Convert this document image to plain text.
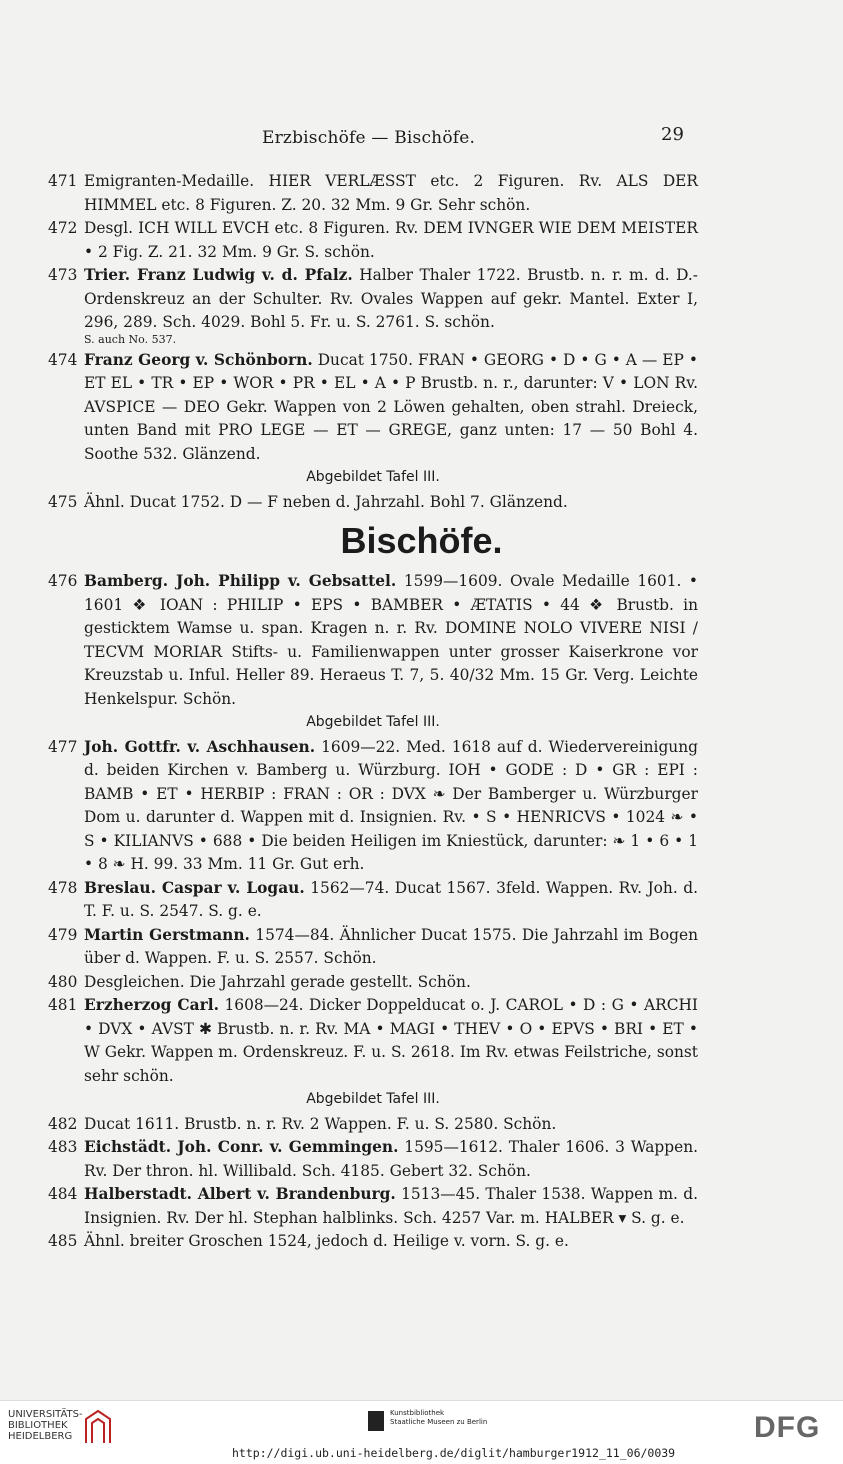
Erzbischöfe — Bischöfe.	29
471 Emigranten-Medaille. HIER VERLÆSST etc. 2 Figuren. Rv. ALS DER HIMMEL etc. 8 Figuren. Z. 20. 32 Mm. 9 Gr. Sehr schön.
472 Desgl. ICH WILL EVCH etc. 8 Figuren. Rv. DEM IVNGER WIE DEM MEISTER • 2 Fig. Z. 21. 32 Mm. 9 Gr. S. schön.
473 Trier. Franz Ludwig v. d. Pfalz. Halber Thaler 1722. Brustb. n. r. m. d. D.-Ordenskreuz an der Schulter. Rv. Ovales Wappen auf gekr. Mantel. Exter I, 296, 289. Sch. 4029. Bohl 5. Fr. u. S. 2761. S. schön.
S. auch No. 537.
474 Franz Georg v. Schönborn. Ducat 1750. FRAN • GEORG • D • G • A — EP • ET EL • TR • EP • WOR • PR • EL • A • P Brustb. n. r., darunter: V • LON Rv. AVSPICE — DEO Gekr. Wappen von 2 Löwen gehalten, oben strahl. Dreieck, unten Band mit PRO LEGE — ET — GREGE, ganz unten: 17 — 50 Bohl 4. Soothe 532. Glänzend.
Abgebildet Tafel III.
475 Ähnl. Ducat 1752. D — F neben d. Jahrzahl. Bohl 7. Glänzend.
Bischöfe.
476 Bamberg. Joh. Philipp v. Gebsattel. 1599—1609. Ovale Medaille 1601. • 1601 ❖ IOAN : PHILIP • EPS • BAMBER • ÆTATIS • 44 ❖ Brustb. in gesticktem Wamse u. span. Kragen n. r. Rv. DOMINE NOLO VIVERE NISI / TECVM MORIAR Stifts- u. Familienwappen unter grosser Kaiserkrone vor Kreuzstab u. Inful. Heller 89. Heraeus T. 7, 5. 40/32 Mm. 15 Gr. Verg. Leichte Henkelspur. Schön.
Abgebildet Tafel III.
477 Joh. Gottfr. v. Aschhausen. 1609—22. Med. 1618 auf d. Wiedervereinigung d. beiden Kirchen v. Bamberg u. Würzburg. IOH • GODE : D • GR : EPI : BAMB • ET • HERBIP : FRAN : OR : DVX ❧ Der Bamberger u. Würzburger Dom u. darunter d. Wappen mit d. Insignien. Rv. • S • HENRICVS • 1024 ❧ • S • KILIANVS • 688 • Die beiden Heiligen im Kniestück, darunter: ❧ 1 • 6 • 1 • 8 ❧ H. 99. 33 Mm. 11 Gr. Gut erh.
478 Breslau. Caspar v. Logau. 1562—74. Ducat 1567. 3feld. Wappen. Rv. Joh. d. T. F. u. S. 2547. S. g. e.
479 Martin Gerstmann. 1574—84. Ähnlicher Ducat 1575. Die Jahrzahl im Bogen über d. Wappen. F. u. S. 2557. Schön.
480 Desgleichen. Die Jahrzahl gerade gestellt. Schön.
481 Erzherzog Carl. 1608—24. Dicker Doppelducat o. J. CAROL • D : G • ARCHI • DVX • AVST ✱ Brustb. n. r. Rv. MA • MAGI • THEV • O • EPVS • BRI • ET • W Gekr. Wappen m. Ordenskreuz. F. u. S. 2618. Im Rv. etwas Feilstriche, sonst sehr schön.
Abgebildet Tafel III.
482 Ducat 1611. Brustb. n. r. Rv. 2 Wappen. F. u. S. 2580. Schön.
483 Eichstädt. Joh. Conr. v. Gemmingen. 1595—1612. Thaler 1606. 3 Wappen. Rv. Der thron. hl. Willibald. Sch. 4185. Gebert 32. Schön.
484 Halberstadt. Albert v. Brandenburg. 1513—45. Thaler 1538. Wappen m. d. Insignien. Rv. Der hl. Stephan halblinks. Sch. 4257 Var. m. HALBER ▾ S. g. e.
485 Ähnl. breiter Groschen 1524, jedoch d. Heilige v. vorn. S. g. e.
UNIVERSITÄTS- BIBLIOTHEK HEIDELBERG
Kunstbibliothek
Staatliche Museen zu Berlin	DFG
http://digi.ub.uni-heidelberg.de/diglit/hamburger1912_11_06/0039
